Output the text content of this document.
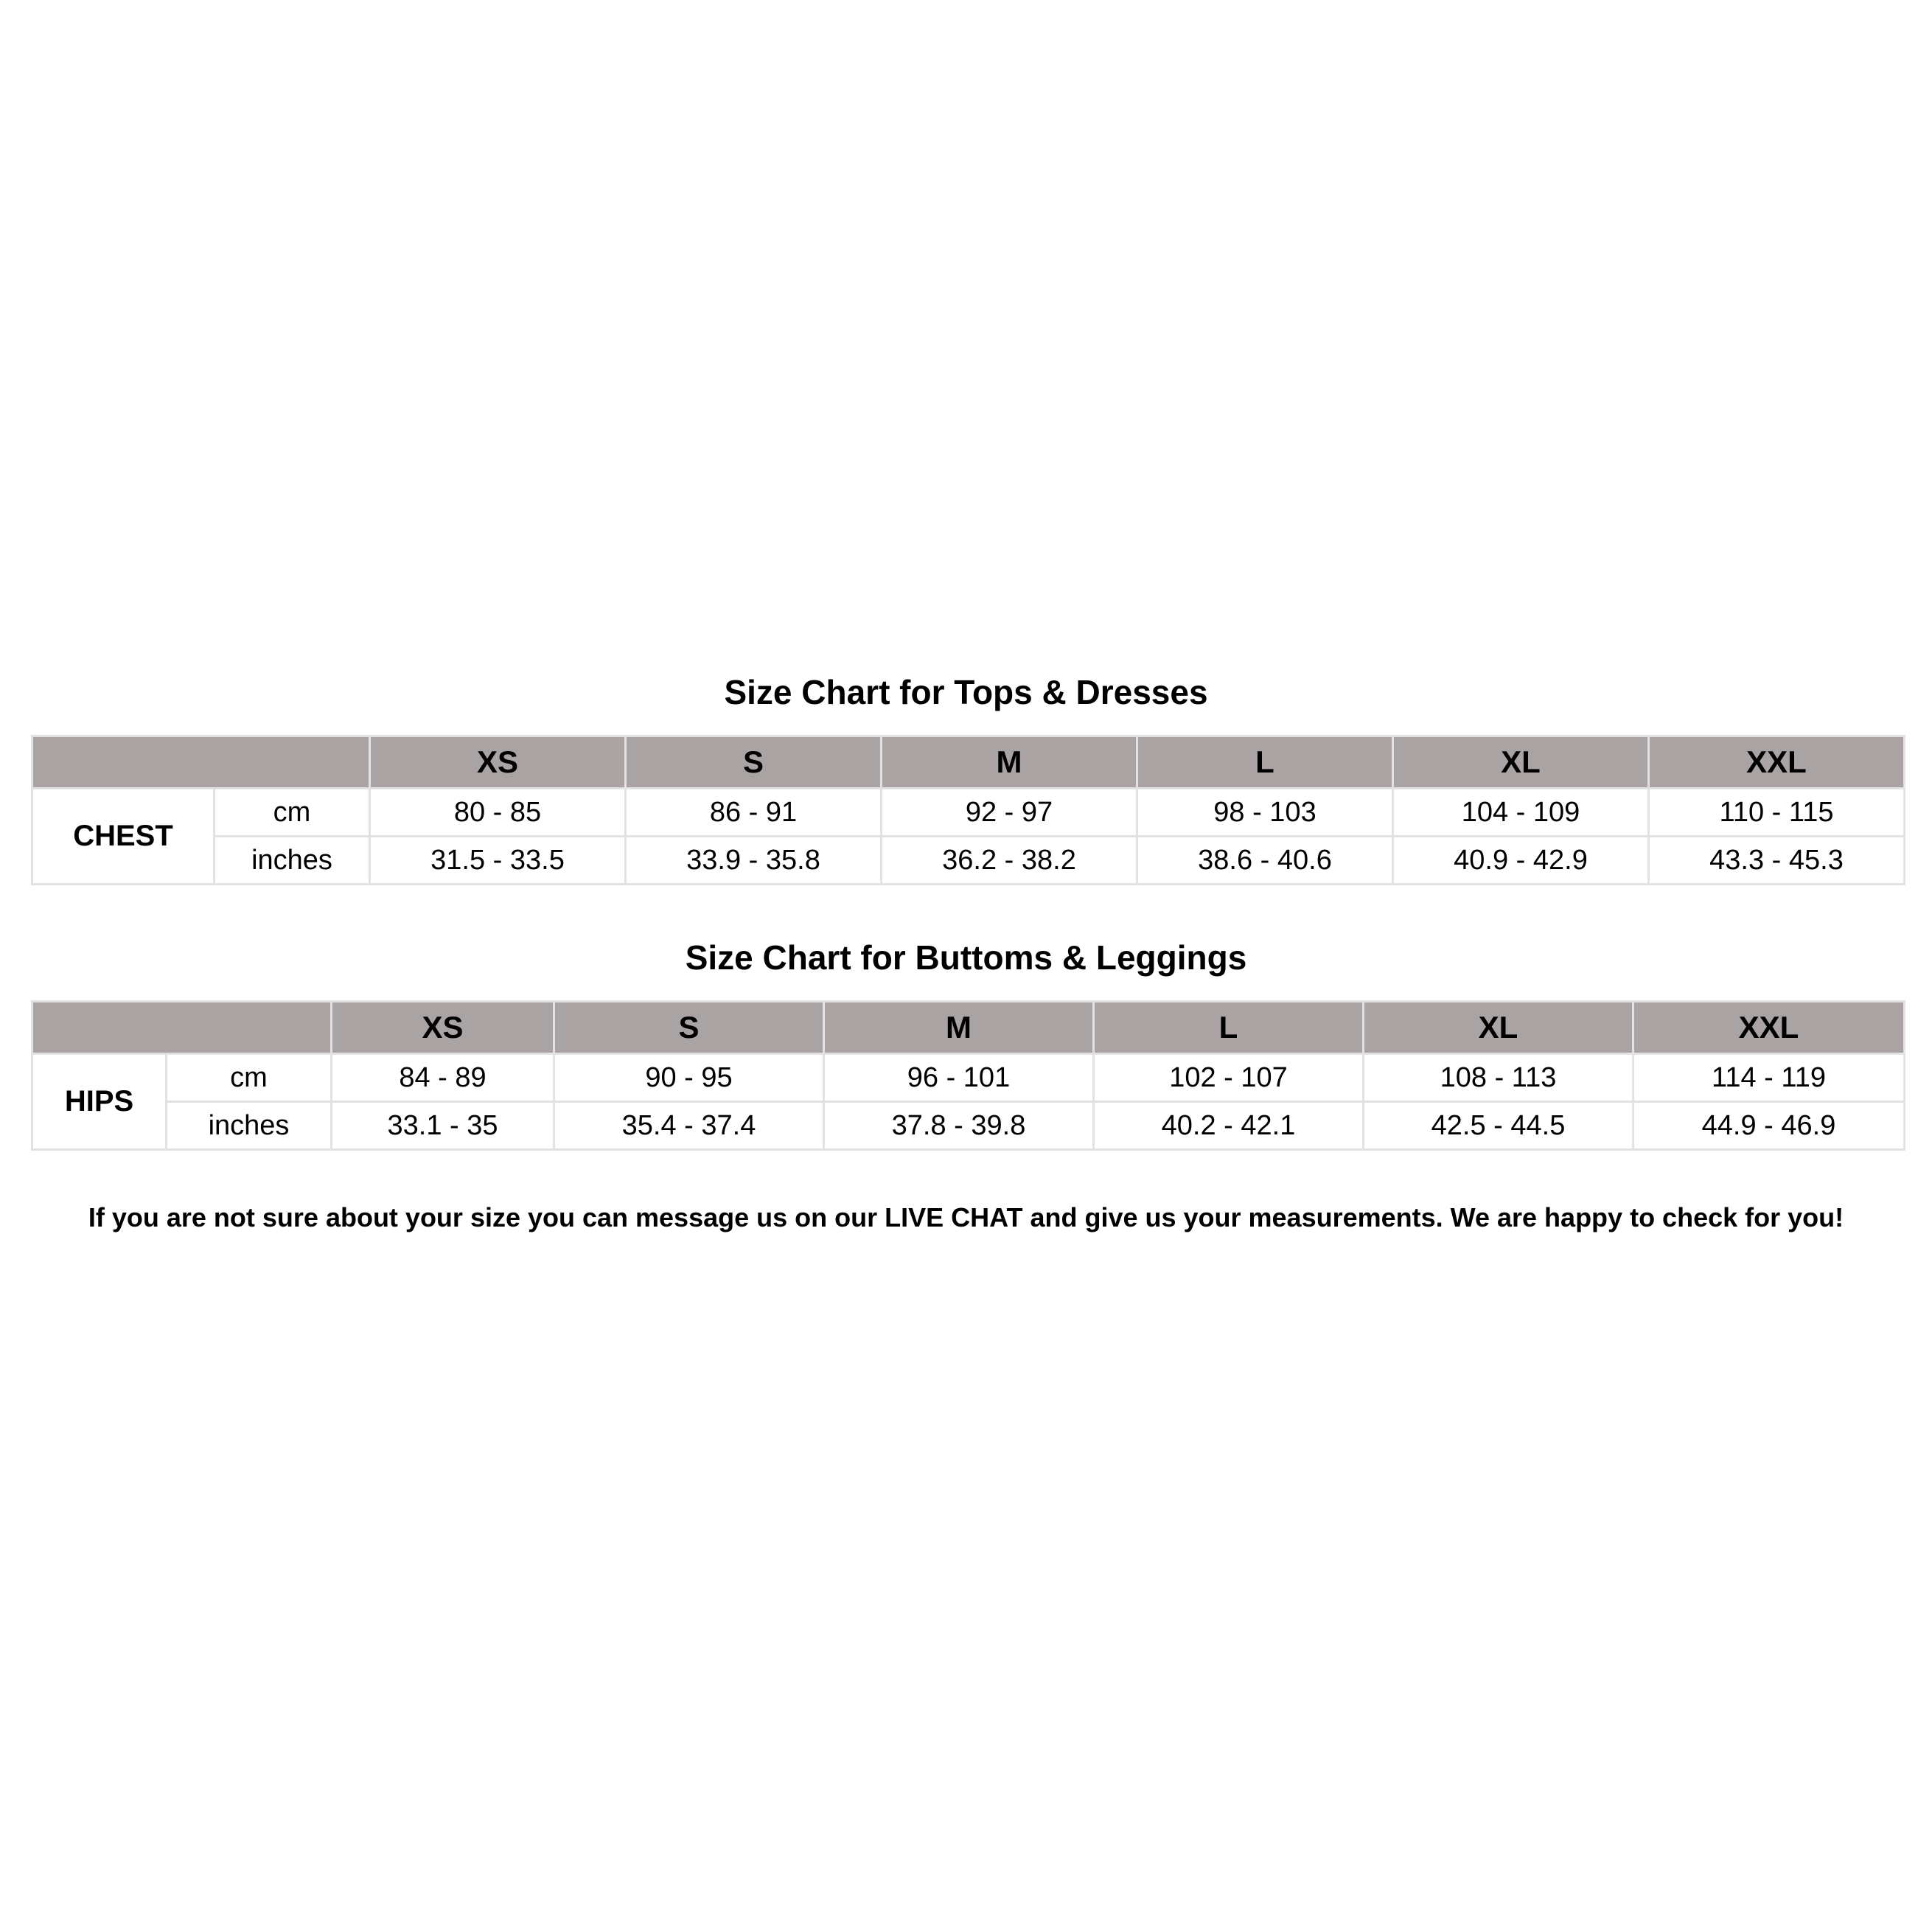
Size Chart for Tops & Dresses
		XS	S	M	L	XL	XXL
CHEST	cm	80 - 85	86 - 91	92 - 97	98 - 103	104 - 109	110 - 115
	inches	31.5 - 33.5	33.9 - 35.8	36.2 - 38.2	38.6 - 40.6	40.9 - 42.9	43.3 - 45.3
Size Chart for Buttoms & Leggings
		XS	S	M	L	XL	XXL
HIPS	cm	84 - 89	90 - 95	96 - 101	102 - 107	108 - 113	114 - 119
	inches	33.1 - 35	35.4 - 37.4	37.8 - 39.8	40.2 - 42.1	42.5 - 44.5	44.9 - 46.9
If you are not sure about your size you can message us on our LIVE CHAT and give us your measurements. We are happy to check for you!
